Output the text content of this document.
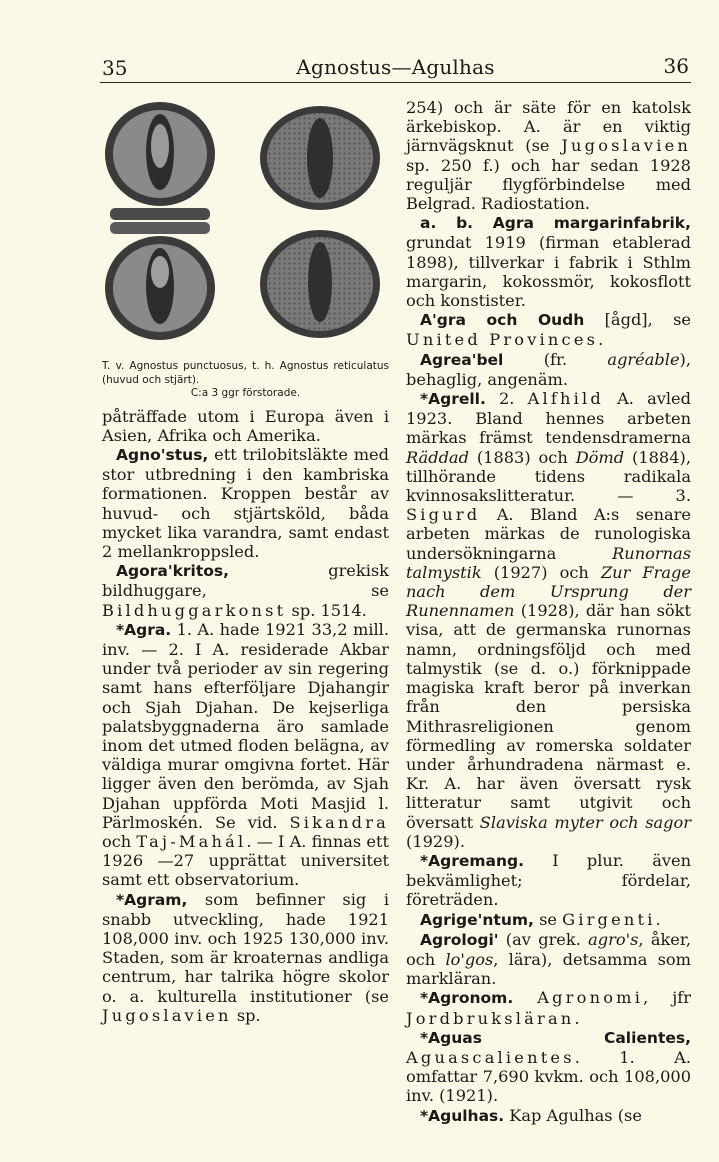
35	Agnostus—Agulhas	36
T. v. Agnostus punctuosus, t. h. Agnostus reticulatus (huvud och stjärt).
C:a 3 ggr förstorade.

påträffade utom i Europa även i Asien, Afrika och Amerika.

Agno'stus, ett trilobitsläkte med stor utbredning i den kambriska formationen. Kroppen består av huvud- och stjärtsköld, båda mycket lika varandra, samt endast 2 mellankroppsled.

Agora'kritos, grekisk bildhuggare, se Bildhuggarkonst sp. 1514.

*Agra. 1. A. hade 1921 33,2 mill. inv. — 2. I A. residerade Akbar under två perioder av sin regering samt hans efterföljare Djahangir och Sjah Djahan. De kejserliga palatsbyggnaderna äro samlade inom det utmed floden belägna, av väldiga murar omgivna fortet. Här ligger även den berömda, av Sjah Djahan uppförda Moti Masjid l. Pärlmoskén. Se vid. Sikandra och Taj-Mahál. — I A. finnas ett 1926 —27 upprättat universitet samt ett observatorium.

*Agram, som befinner sig i snabb utveckling, hade 1921 108,000 inv. och 1925 130,000 inv. Staden, som är kroaternas andliga centrum, har talrika högre skolor o. a. kulturella institutioner (se Jugoslavien sp.

254) och är säte för en katolsk ärkebiskop. A. är en viktig järnvägsknut (se Jugoslavien sp. 250 f.) och har sedan 1928 reguljär flygförbindelse med Belgrad. Radiostation.

a. b. Agra margarinfabrik, grundat 1919 (firman etablerad 1898), tillverkar i fabrik i Sthlm margarin, kokossmör, kokosflott och konstister.

A'gra och Oudh [ågd], se United Provinces.

Agrea'bel (fr. agréable), behaglig, angenäm.

*Agrell. 2. Alfhild A. avled 1923. Bland hennes arbeten märkas främst tendensdramerna Räddad (1883) och Dömd (1884), tillhörande tidens radikala kvinnosakslitteratur. — 3. Sigurd A. Bland A:s senare arbeten märkas de runologiska undersökningarna Runornas talmystik (1927) och Zur Frage nach dem Ursprung der Runennamen (1928), där han sökt visa, att de germanska runornas namn, ordningsföljd och med talmystik (se d. o.) förknippade magiska kraft beror på inverkan från den persiska Mithrasreligionen genom förmedling av romerska soldater under århundradena närmast e. Kr. A. har även översatt rysk litteratur samt utgivit och översatt Slaviska myter och sagor (1929).

*Agremang. I plur. även bekvämlighet; fördelar, företräden.

Agrige'ntum, se Girgenti.

Agrologi' (av grek. agro's, åker, och lo'gos, lära), detsamma som markläran.

*Agronom. Agronomi, jfr Jordbruksläran.

*Aguas Calientes, Aguascalientes. 1. A. omfattar 7,690 kvkm. och 108,000 inv. (1921).

*Agulhas. Kap Agulhas (se
